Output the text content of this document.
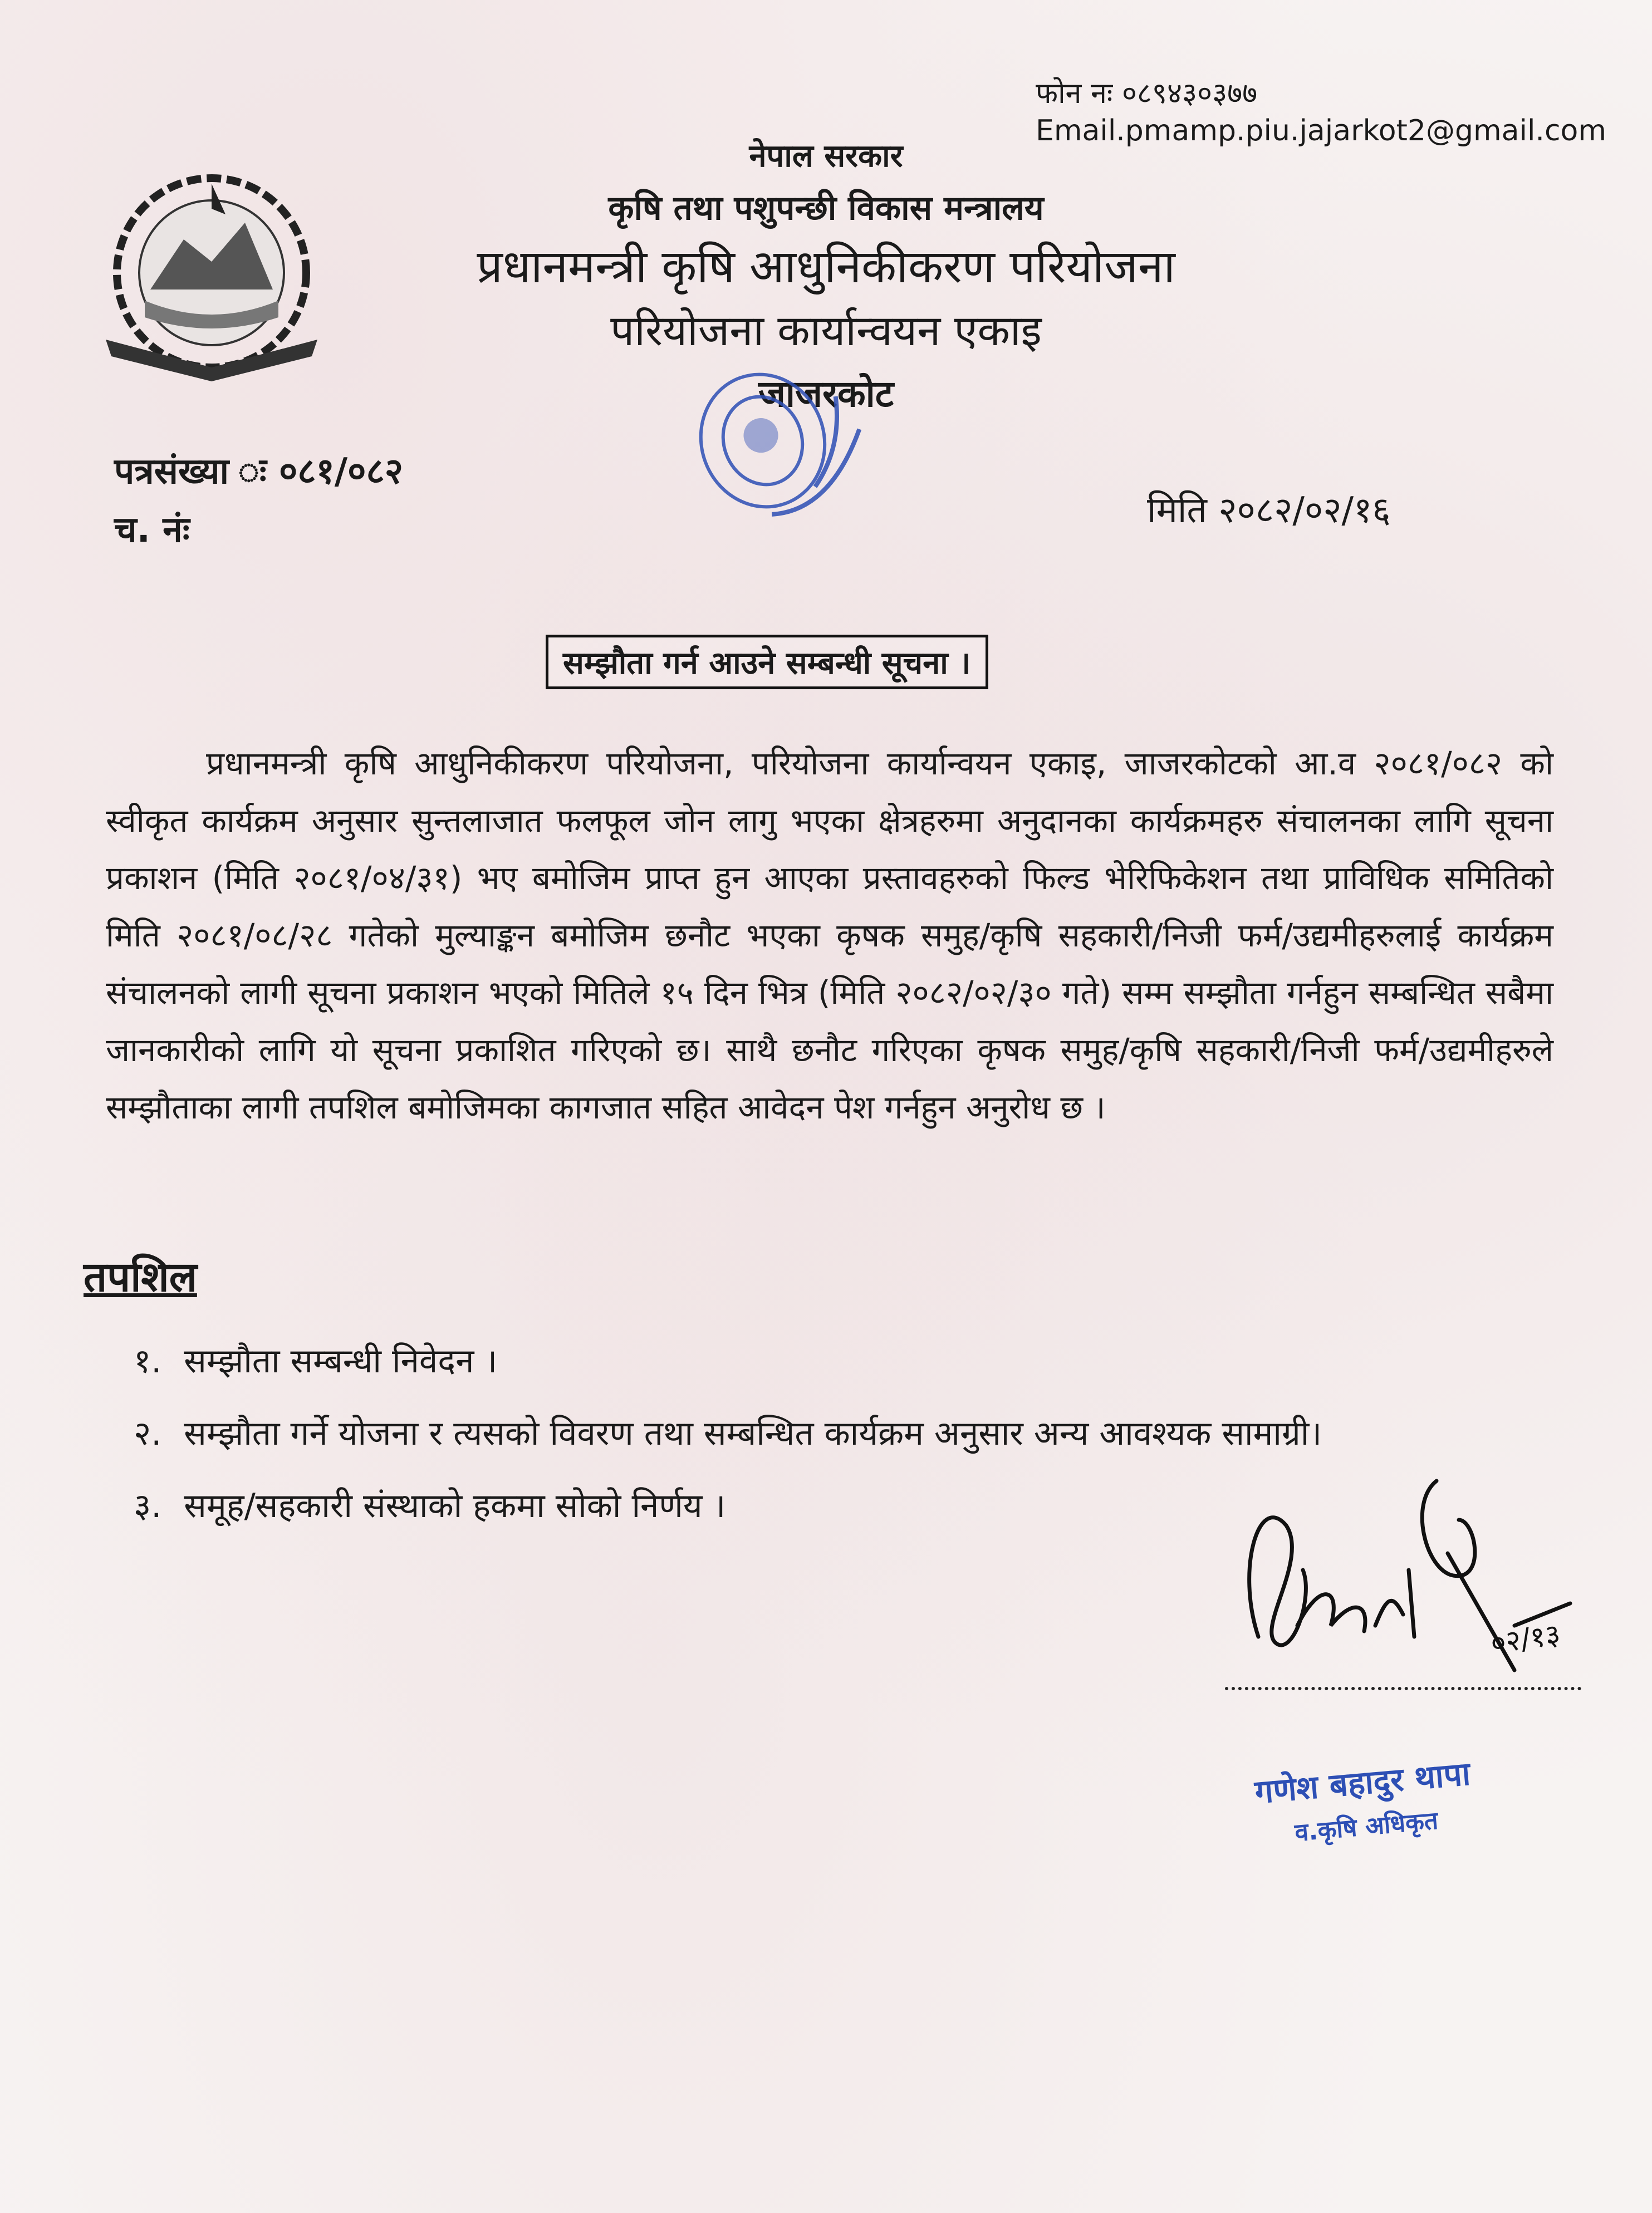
फोन नः ०८९४३०३७७
Email.pmamp.piu.jajarkot2@gmail.com
नेपाल सरकार
कृषि तथा पशुपन्छी विकास मन्त्रालय
प्रधानमन्त्री कृषि आधुनिकीकरण परियोजना
परियोजना कार्यान्वयन एकाइ
जाजरकोट
पत्रसंख्या ः ०८१/०८२
च. नंः	मिति २०८२/०२/१६
सम्झौता गर्न आउने सम्बन्धी सूचना ।
प्रधानमन्त्री कृषि आधुनिकीकरण परियोजना, परियोजना कार्यान्वयन एकाइ, जाजरकोटको आ.व २०८१/०८२ को स्वीकृत कार्यक्रम अनुसार सुन्तलाजात फलफूल जोन लागु भएका क्षेत्रहरुमा अनुदानका कार्यक्रमहरु संचालनका लागि सूचना प्रकाशन (मिति २०८१/०४/३१) भए बमोजिम प्राप्त हुन आएका प्रस्तावहरुको फिल्ड भेरिफिकेशन तथा प्राविधिक समितिको मिति २०८१/०८/२८ गतेको मुल्याङ्कन बमोजिम छनौट भएका कृषक समुह/कृषि सहकारी/निजी फर्म/उद्यमीहरुलाई कार्यक्रम संचालनको लागी सूचना प्रकाशन भएको मितिले १५ दिन भित्र (मिति २०८२/०२/३० गते) सम्म सम्झौता गर्नहुन सम्बन्धित सबैमा जानकारीको लागि यो सूचना प्रकाशित गरिएको छ। साथै छनौट गरिएका कृषक समुह/कृषि सहकारी/निजी फर्म/उद्यमीहरुले सम्झौताका लागी तपशिल बमोजिमका कागजात सहित आवेदन पेश गर्नहुन अनुरोध छ ।
तपशिल
१. सम्झौता सम्बन्धी निवेदन ।
२. सम्झौता गर्ने योजना र त्यसको विवरण तथा सम्बन्धित कार्यक्रम अनुसार अन्य आवश्यक सामाग्री।
३. समूह/सहकारी संस्थाको हकमा सोको निर्णय ।
०२/१३
गणेश बहादुर थापा
व.कृषि अधिकृत
